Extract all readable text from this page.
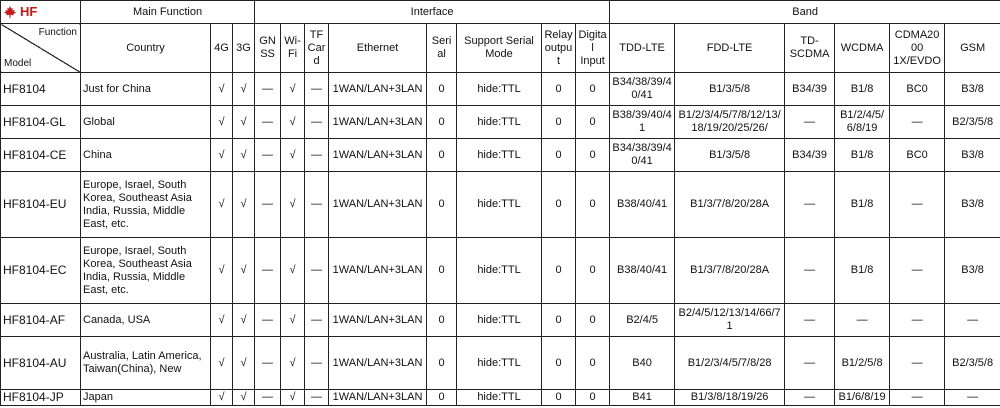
HF	Main Function			Interface								Band					

Function
Model	Country	4G	3G	GNSS	Wi-Fi	TF Card	Ethernet	Serial	Support Serial Mode	Relay output	Digital Input	TDD-LTE	FDD-LTE	TD-SCDMA	WCDMA	CDMA2000 1X/EVDO	GSM
HF8104	Just for China	√	√	—	√	—	1WAN/LAN+3LAN	0	hide:TTL	0	0	B34/38/39/40/41	B1/3/5/8	B34/39	B1/8	BC0	B3/8
HF8104-GL	Global	√	√	—	√	—	1WAN/LAN+3LAN	0	hide:TTL	0	0	B38/39/40/41	B1/2/3/4/5/7/8/12/13/18/19/20/25/26/	—	B1/2/4/5/6/8/19	—	B2/3/5/8
HF8104-CE	China	√	√	—	√	—	1WAN/LAN+3LAN	0	hide:TTL	0	0	B34/38/39/40/41	B1/3/5/8	B34/39	B1/8	BC0	B3/8
HF8104-EU	Europe, Israel, South Korea, Southeast Asia India, Russia, Middle East, etc.	√	√	—	√	—	1WAN/LAN+3LAN	0	hide:TTL	0	0	B38/40/41	B1/3/7/8/20/28A	—	B1/8	—	B3/8
HF8104-EC	Europe, Israel, South Korea, Southeast Asia India, Russia, Middle East, etc.	√	√	—	√	—	1WAN/LAN+3LAN	0	hide:TTL	0	0	B38/40/41	B1/3/7/8/20/28A	—	B1/8	—	B3/8
HF8104-AF	Canada, USA	√	√	—	√	—	1WAN/LAN+3LAN	0	hide:TTL	0	0	B2/4/5	B2/4/5/12/13/14/66/71	—	—	—	—
HF8104-AU	Australia, Latin America, Taiwan(China), New	√	√	—	√	—	1WAN/LAN+3LAN	0	hide:TTL	0	0	B40	B1/2/3/4/5/7/8/28	—	B1/2/5/8	—	B2/3/5/8
HF8104-JP	Japan	√	√	—	√	—	1WAN/LAN+3LAN	0	hide:TTL	0	0	B41	B1/3/8/18/19/26	—	B1/6/8/19	—	—
